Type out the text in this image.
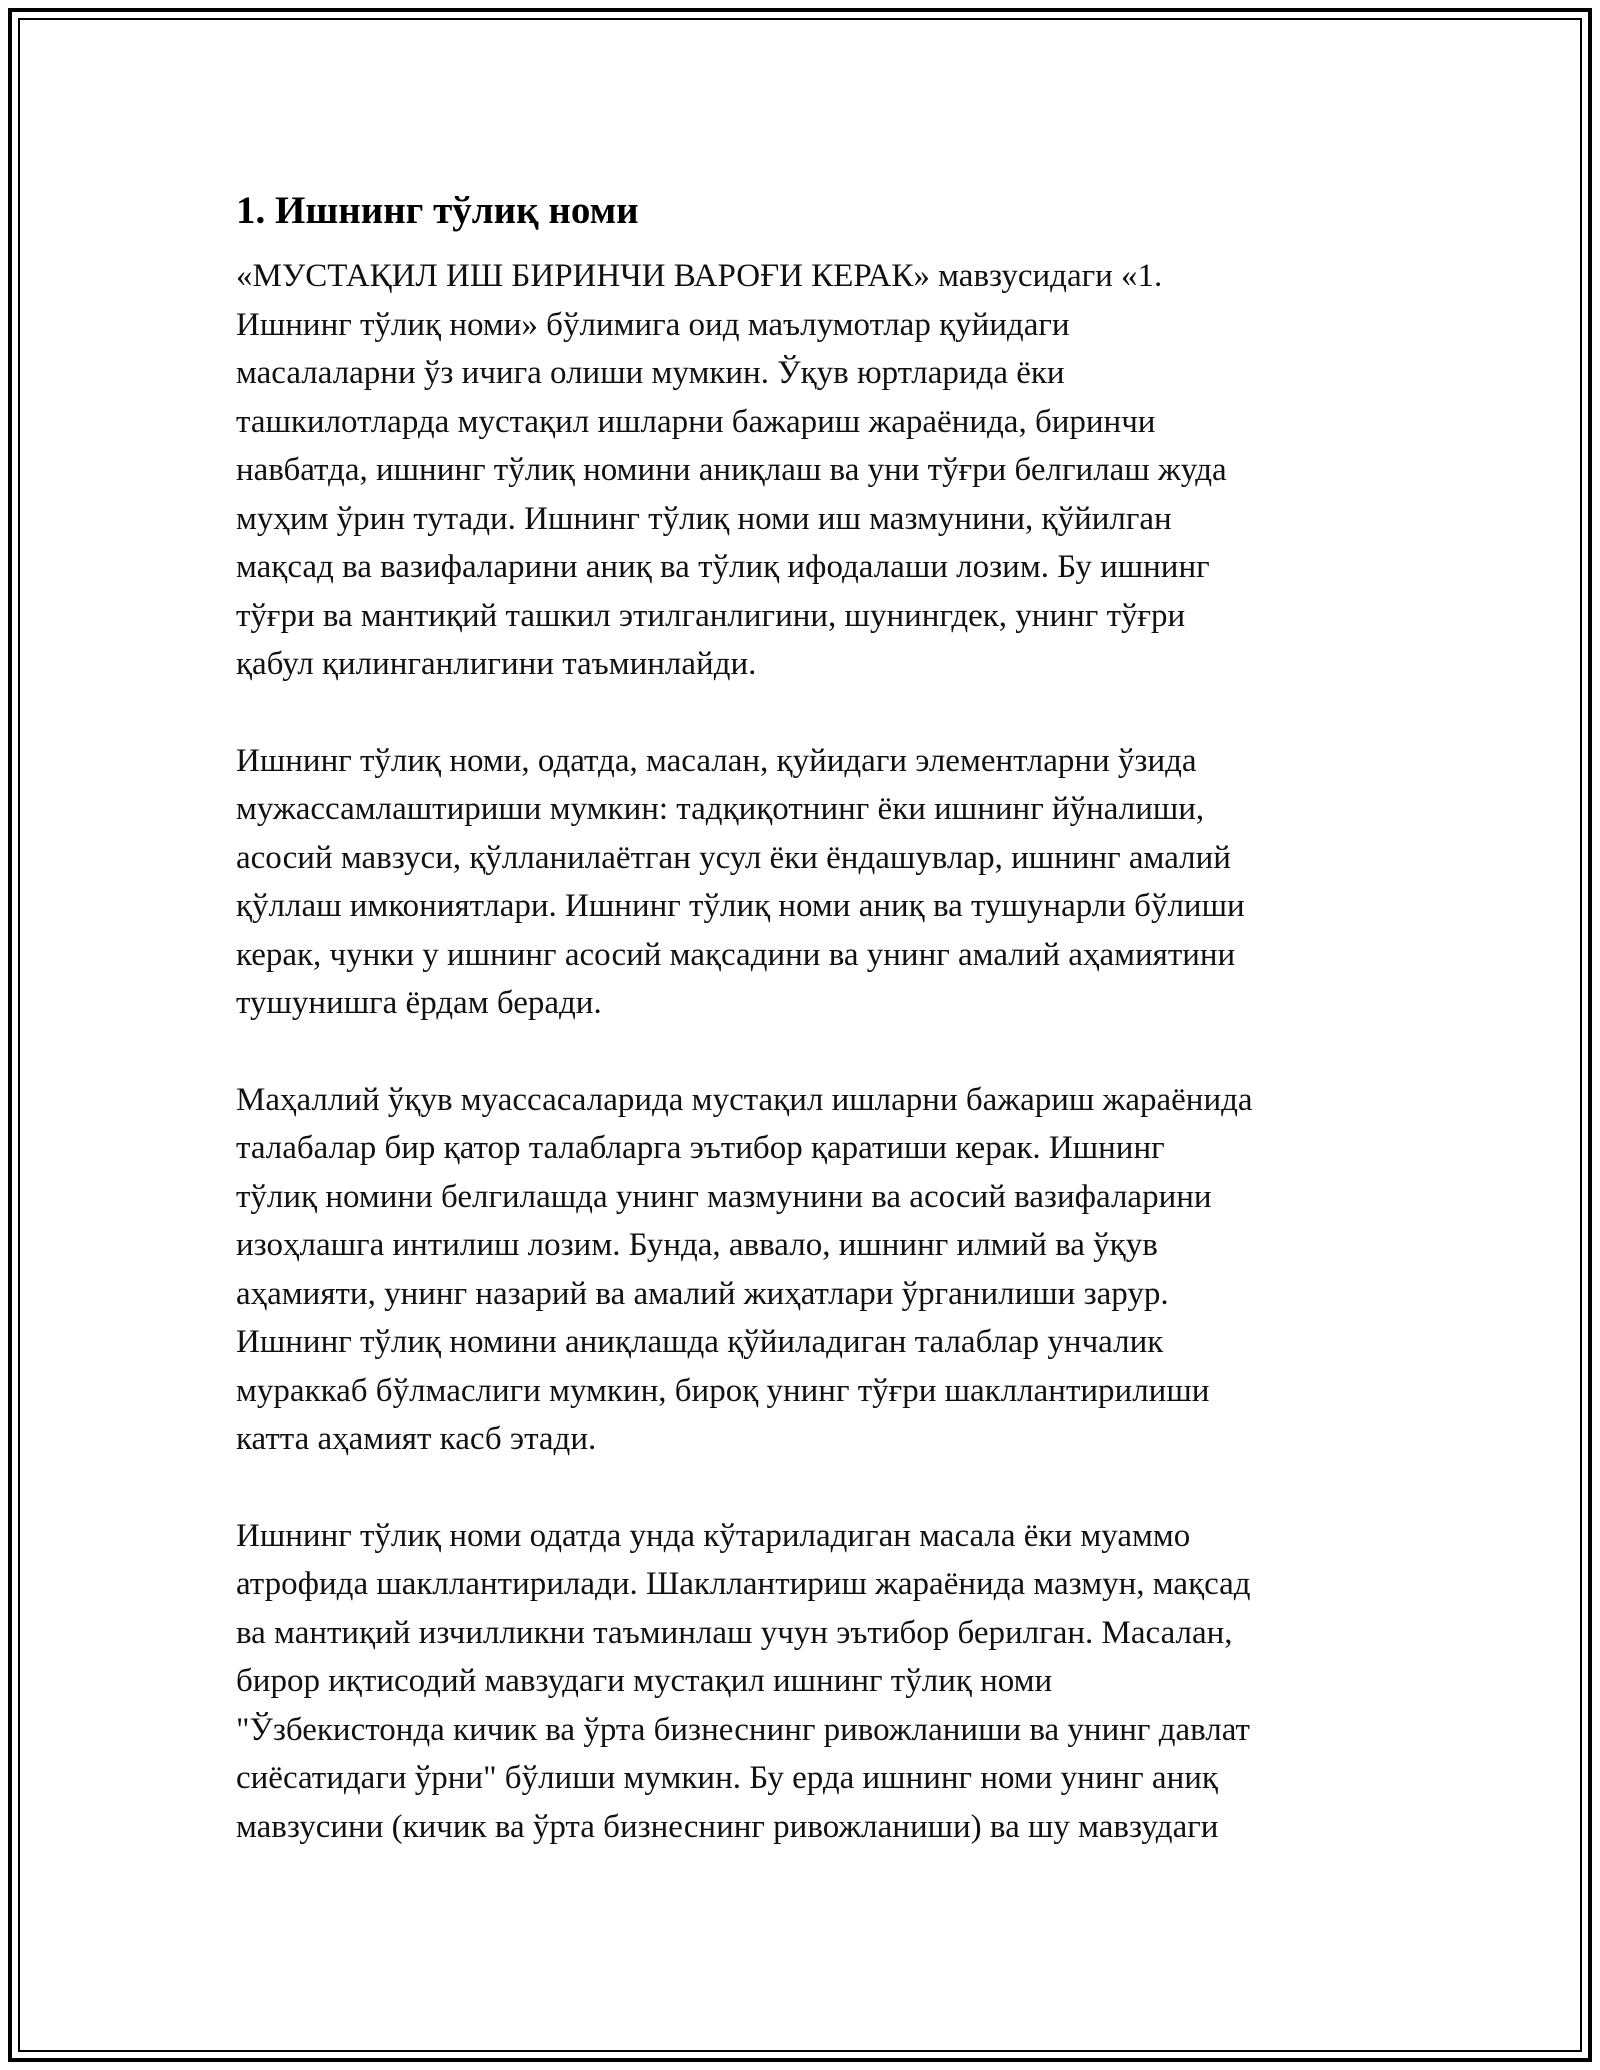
1. Ишнинг тўлиқ номи
«МУСТАҚИЛ ИШ БИРИНЧИ ВАРОҒИ КЕРАК» мавзусидаги «1.
Ишнинг тўлиқ номи» бўлимига оид маълумотлар қуйидаги
масалаларни ўз ичига олиши мумкин. Ўқув юртларида ёки
ташкилотларда мустақил ишларни бажариш жараёнида, биринчи
навбатда, ишнинг тўлиқ номини аниқлаш ва уни тўғри белгилаш жуда
муҳим ўрин тутади. Ишнинг тўлиқ номи иш мазмунини, қўйилган
мақсад ва вазифаларини аниқ ва тўлиқ ифодалаши лозим. Бу ишнинг
тўғри ва мантиқий ташкил этилганлигини, шунингдек, унинг тўғри
қабул қилинганлигини таъминлайди.
Ишнинг тўлиқ номи, одатда, масалан, қуйидаги элементларни ўзида
мужассамлаштириши мумкин: тадқиқотнинг ёки ишнинг йўналиши,
асосий мавзуси, қўлланилаётган усул ёки ёндашувлар, ишнинг амалий
қўллаш имкониятлари. Ишнинг тўлиқ номи аниқ ва тушунарли бўлиши
керак, чунки у ишнинг асосий мақсадини ва унинг амалий аҳамиятини
тушунишга ёрдам беради.
Маҳаллий ўқув муассасаларида мустақил ишларни бажариш жараёнида
талабалар бир қатор талабларга эътибор қаратиши керак. Ишнинг
тўлиқ номини белгилашда унинг мазмунини ва асосий вазифаларини
изоҳлашга интилиш лозим. Бунда, аввало, ишнинг илмий ва ўқув
аҳамияти, унинг назарий ва амалий жиҳатлари ўрганилиши зарур.
Ишнинг тўлиқ номини аниқлашда қўйиладиган талаблар унчалик
мураккаб бўлмаслиги мумкин, бироқ унинг тўғри шакллантирилиши
катта аҳамият касб этади.
Ишнинг тўлиқ номи одатда унда кўтариладиган масала ёки муаммо
атрофида шакллантирилади. Шакллантириш жараёнида мазмун, мақсад
ва мантиқий изчилликни таъминлаш учун эътибор берилган. Масалан,
бирор иқтисодий мавзудаги мустақил ишнинг тўлиқ номи
"Ўзбекистонда кичик ва ўрта бизнеснинг ривожланиши ва унинг давлат
сиёсатидаги ўрни" бўлиши мумкин. Бу ерда ишнинг номи унинг аниқ
мавзусини (кичик ва ўрта бизнеснинг ривожланиши) ва шу мавзудаги
